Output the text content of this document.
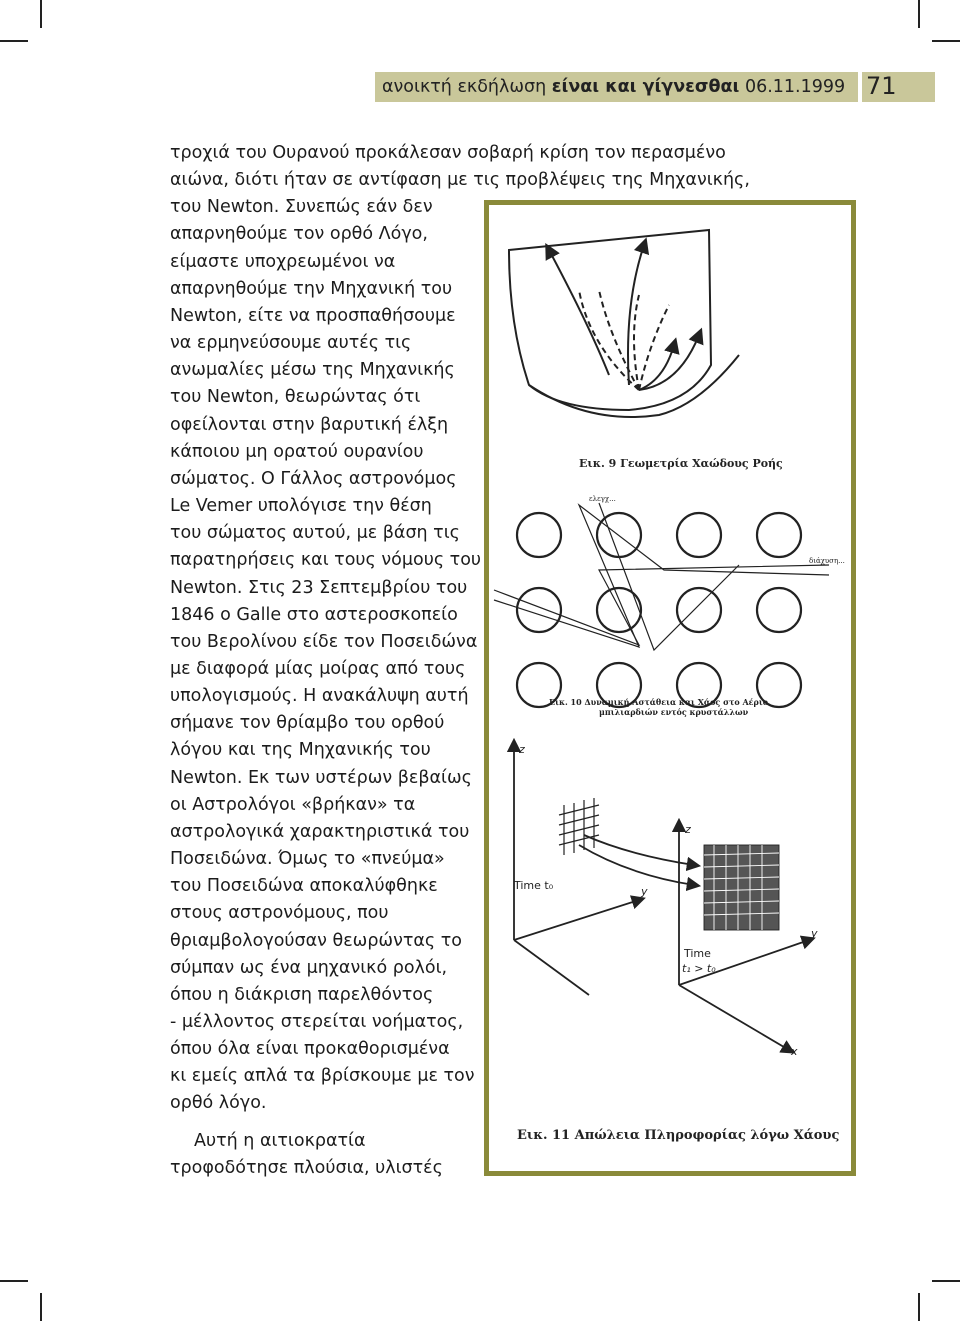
ανοικτή εκδήλωση είναι και γίγνεσθαι 06.11.1999 71
τροχιά του Ουρανού προκάλεσαν σοβαρή κρίση τον περασμένο
αιώνα, διότι ήταν σε αντίφαση με τις προβλέψεις της Μηχανικής,
του Newton. Συνεπώς εάν δεν
απαρνηθούμε τον ορθό Λόγο,
είμαστε υποχρεωμένοι να
απαρνηθούμε την Μηχανική του
Newton, είτε να προσπαθήσουμε
να ερμηνεύσουμε αυτές τις
ανωμαλίες μέσω της Μηχανικής
του Newton, θεωρώντας ότι
οφείλονται στην βαρυτική έλξη
κάποιου μη ορατού ουρανίου
σώματος. Ο Γάλλος αστρονόμος
Le Vemer υπολόγισε την θέση
του σώματος αυτού, με βάση τις
παρατηρήσεις και τους νόμους του
Newton. Στις 23 Σεπτεμβρίου του
1846 ο Galle στο αστεροσκοπείο
του Βερολίνου είδε τον Ποσειδώνα
με διαφορά μίας μοίρας από τους
υπολογισμούς. Η ανακάλυψη αυτή
σήμανε τον θρίαμβο του ορθού
λόγου και της Μηχανικής του
Newton. Εκ των υστέρων βεβαίως
οι Αστρολόγοι «βρήκαν» τα
αστρολογικά χαρακτηριστικά του
Ποσειδώνα. Όμως το «πνεύμα»
του Ποσειδώνα αποκαλύφθηκε
στους αστρονόμους, που
θριαμβολογούσαν θεωρώντας το
σύμπαν ως ένα μηχανικό ρολόι,
όπου η διάκριση παρελθόντος
- μέλλοντος στερείται νοήματος,
όπου όλα είναι προκαθορισμένα
κι εμείς απλά τα βρίσκουμε με τον
ορθό λόγο.
Αυτή η αιτιοκρατία
τροφοδότησε πλούσια, υλιστές
Εικ. 9 Γεωμετρία Χαώδους Ροής
ελεγχ...
διάχυση...
Εικ. 10 Δυναμική Αστάθεια και Χάος στο Αέριο
μπιλιαρδιών εντός κρυστάλλων
z
y
z
y
x
Time t₀
Time
t₁ > t₀
Εικ. 11 Απώλεια Πληροφορίας λόγω Χάους
